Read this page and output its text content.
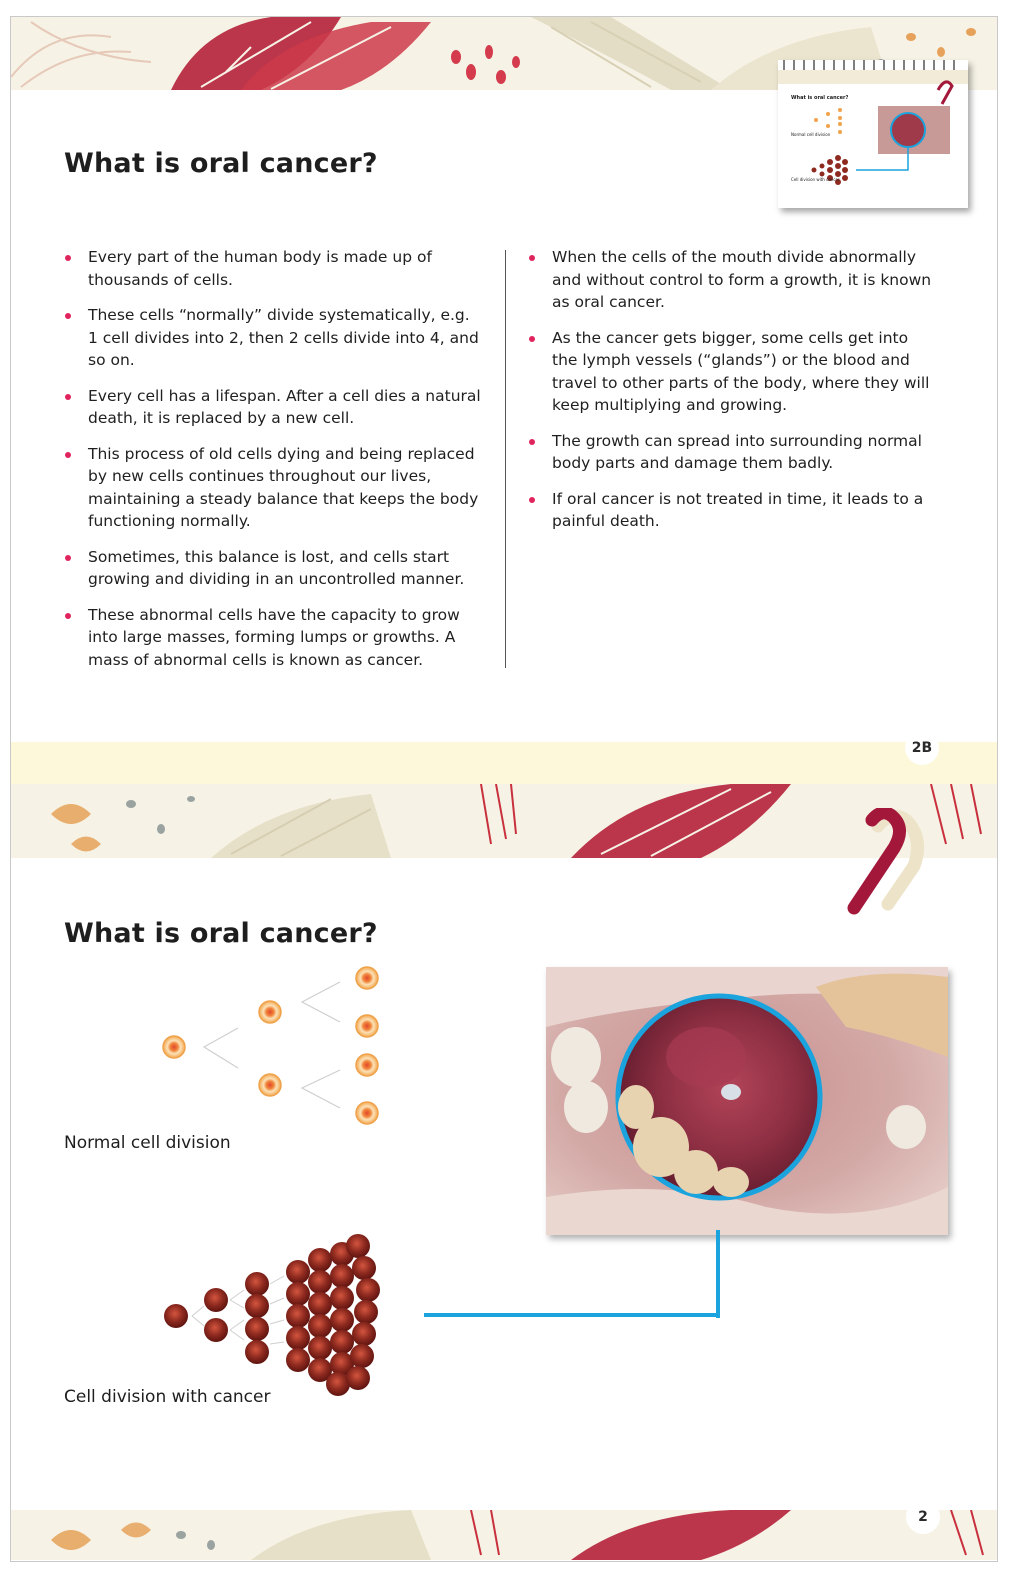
What is oral cancer?
What is oral cancer?
Normal cell division
Cell division with cancer
Every part of the human body is made up of thousands of cells.
These cells “normally” divide systematically, e.g. 1 cell divides into 2, then 2 cells divide into 4, and so on.
Every cell has a lifespan. After a cell dies a natural death, it is replaced by a new cell.
This process of old cells dying and being replaced by new cells continues throughout our lives, maintaining a steady balance that keeps the body functioning normally.
Sometimes, this balance is lost, and cells start growing and dividing in an uncontrolled manner.
These abnormal cells have the capacity to grow into large masses, forming lumps or growths. A mass of abnormal cells is known as cancer.
When the cells of the mouth divide abnormally and without control to form a growth, it is known as oral cancer.
As the cancer gets bigger, some cells get into the lymph vessels (“glands”) or the blood and travel to other parts of the body, where they will keep multiplying and growing.
The growth can spread into surrounding normal body parts and damage them badly.
If oral cancer is not treated in time, it leads to a painful death.
2B
What is oral cancer?
Normal cell division
Cell division with cancer
2
